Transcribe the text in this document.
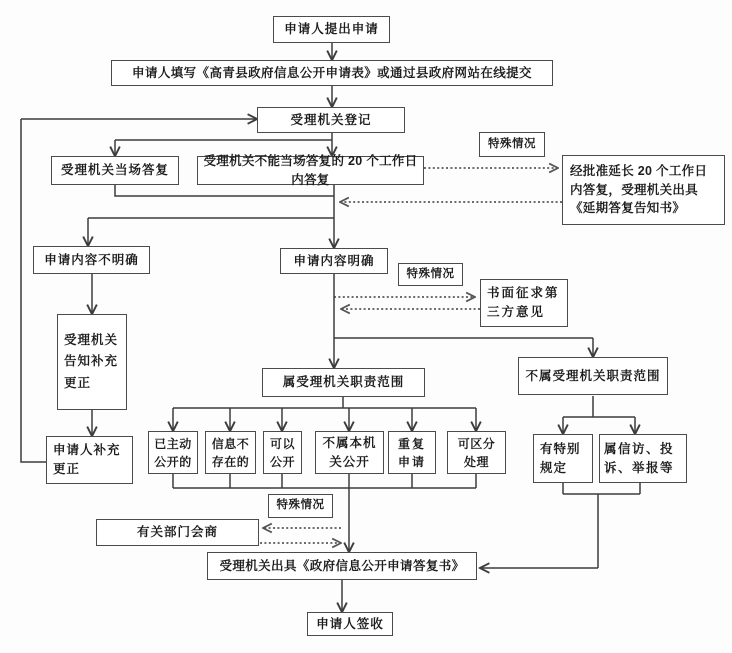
申请人提出申请
申请人填写《高青县政府信息公开申请表》或通过县政府网站在线提交
受理机关登记
受理机关当场答复
受理机关不能当场答复的 20 个工作日内答复
特殊情况
经批准延长 20 个工作日内答复，受理机关出具《延期答复告知书》
申请内容不明确	申请内容明确
特殊情况
书面征求第三方意见
受理机关告知补充更正
申请人补充更正
属受理机关职责范围	不属受理机关职责范围
已主动公开的
信息不存在的
可以公开
不属本机关公开
重复申请
可区分处理
有特别规定
属信访、投诉、举报等
特殊情况
有关部门会商
受理机关出具《政府信息公开申请答复书》
申请人签收
